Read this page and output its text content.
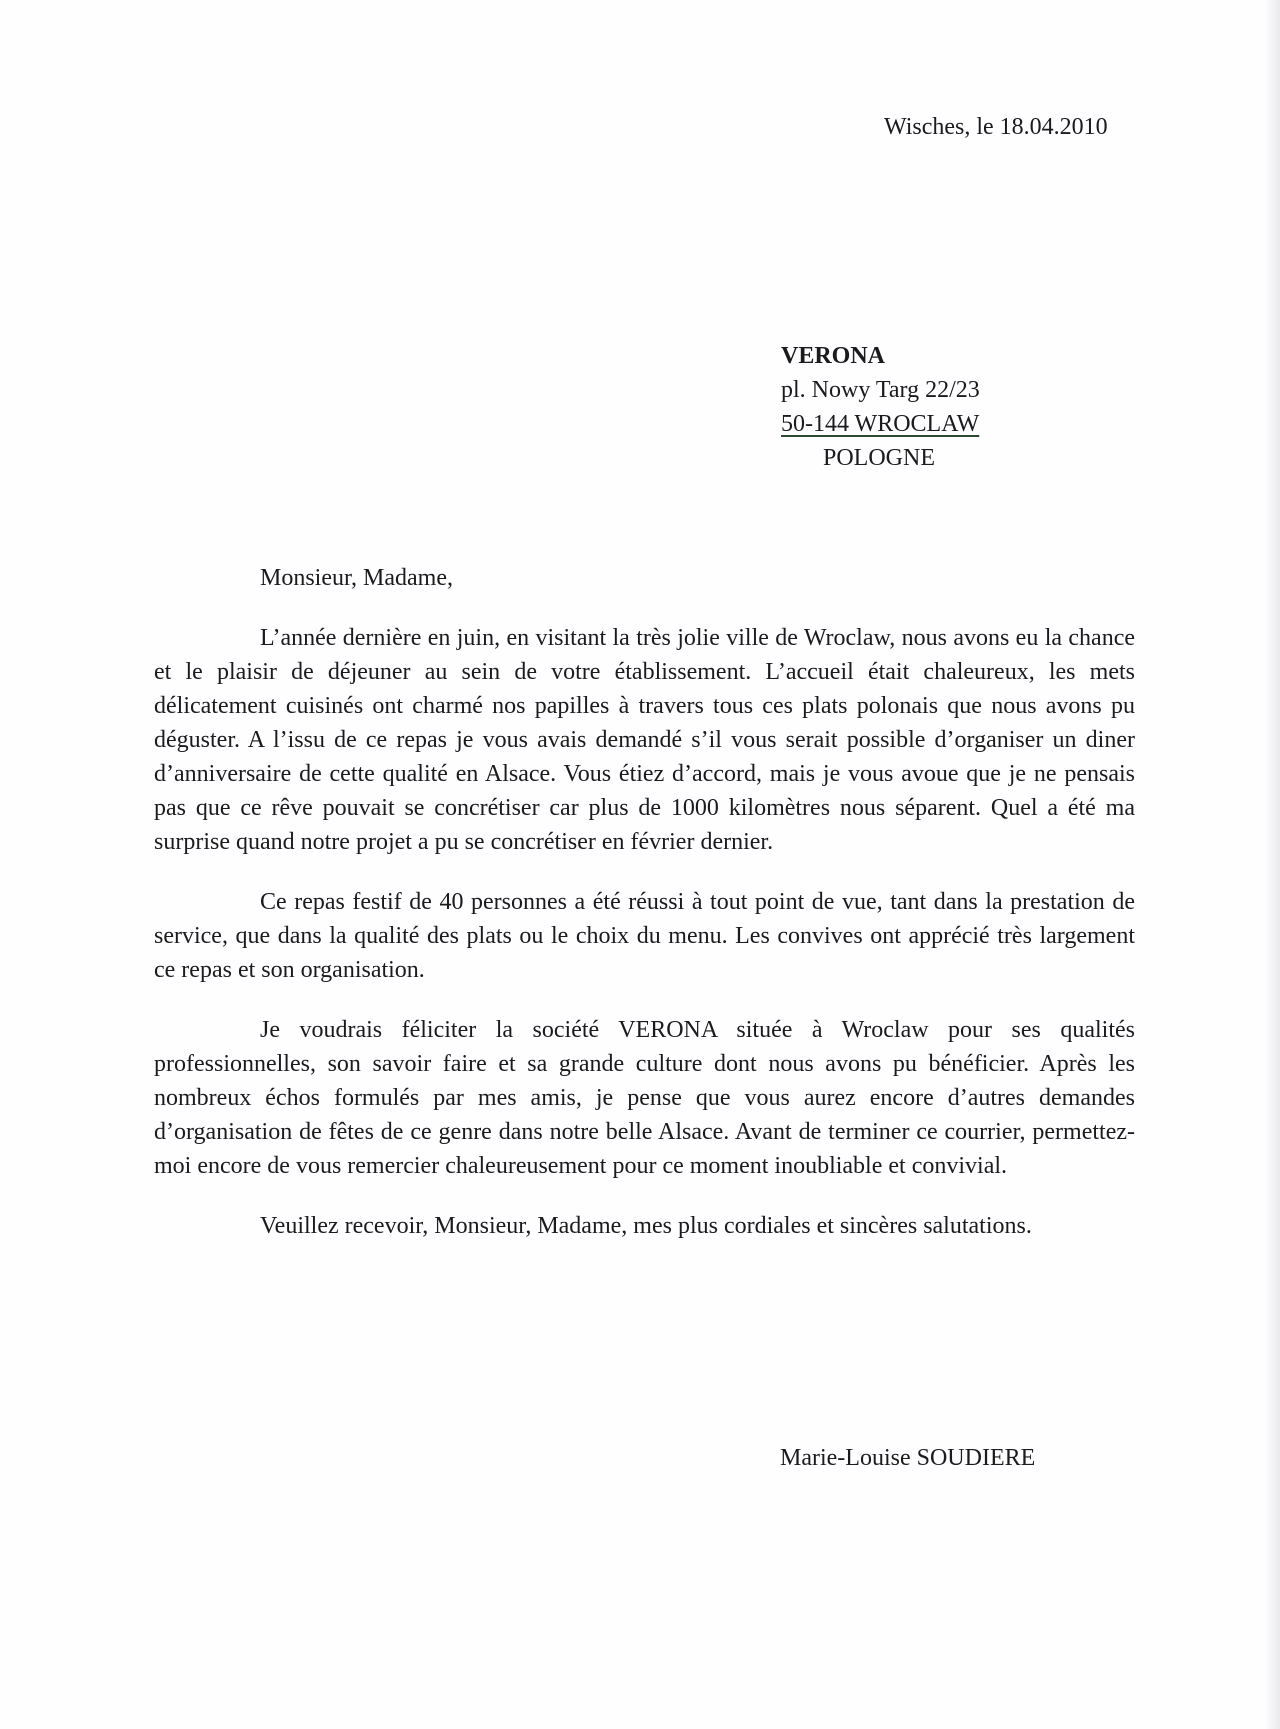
Wisches, le 18.04.2010
VERONA
pl. Nowy Targ 22/23
50-144 WROCLAW
POLOGNE
Monsieur, Madame,

L’année dernière en juin, en visitant la très jolie ville de Wroclaw, nous avons eu la chance et le plaisir de déjeuner au sein de votre établissement. L’accueil était chaleureux, les mets délicatement cuisinés ont charmé nos papilles à travers tous ces plats polonais que nous avons pu déguster. A l’issu de ce repas je vous avais demandé s’il vous serait possible d’organiser un diner d’anniversaire de cette qualité en Alsace. Vous étiez d’accord, mais je vous avoue que je ne pensais pas que ce rêve pouvait se concrétiser car plus de 1000 kilomètres nous séparent. Quel a été ma surprise quand notre projet a pu se concrétiser en février dernier.

Ce repas festif de 40 personnes a été réussi à tout point de vue, tant dans la prestation de service, que dans la qualité des plats ou le choix du menu. Les convives ont apprécié très largement ce repas et son organisation.

Je voudrais féliciter la société VERONA située à Wroclaw pour ses qualités professionnelles, son savoir faire et sa grande culture dont nous avons pu bénéficier. Après les nombreux échos formulés par mes amis, je pense que vous aurez encore d’autres demandes d’organisation de fêtes de ce genre dans notre belle Alsace. Avant de terminer ce courrier, permettez-moi encore de vous remercier chaleureusement pour ce moment inoubliable et convivial.

Veuillez recevoir, Monsieur, Madame, mes plus cordiales et sincères salutations.

Marie-Louise SOUDIERE
